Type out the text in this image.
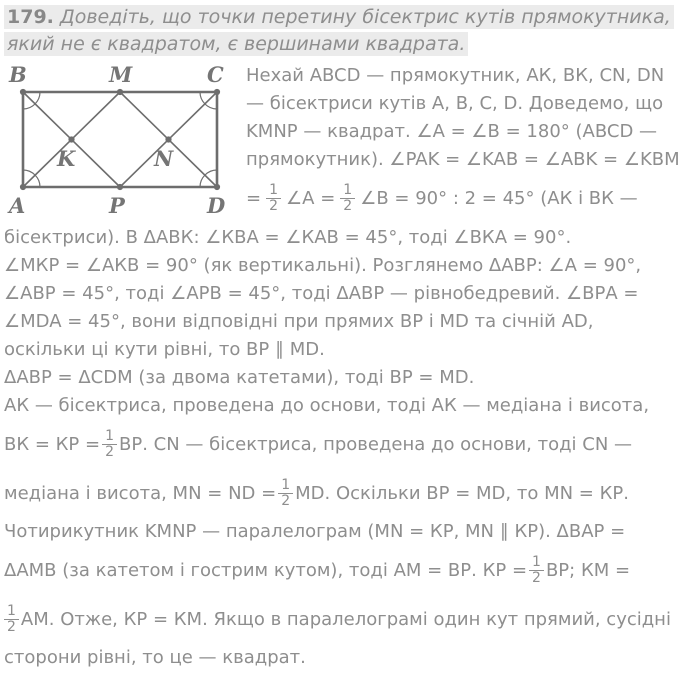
179. Доведіть, що точки перетину бісектрис кутів прямокутника,
який не є квадратом, є вершинами квадрата.
B	M	C
A	P	D
K	N
Нехай ABCD — прямокутник, АК, ВК, CN, DN
— бісектриси кутів А, В, С, D. Доведемо, що
KMNP — квадрат. ∠A = ∠B = 180° (ABCD —
прямокутник). ∠PAK = ∠KAB = ∠ABK = ∠KBM
= $\frac{1}{2}$ ∠A = $\frac{1}{2}$ ∠B = 90° : 2 = 45° (АК і ВК —
бісектриси). В ΔАВК: ∠КВА = ∠КАВ = 45°, тоді ∠ВКА = 90°.
∠МКР = ∠АКВ = 90° (як вертикальні). Розглянемо ΔАВР: ∠А = 90°,
∠АВР = 45°, тоді ∠АРВ = 45°, тоді ΔАВР — рівнобедревий. ∠ВРА =
∠MDA = 45°, вони відповідні при прямих ВР і MD та січній AD,
оскільки ці кути рівні, то ВР ∥ MD.
ΔАВР = ΔCDM (за двома катетами), тоді ВР = MD.
АК — бісектриса, проведена до основи, тоді АК — медіана і висота,
ВК = КР = $\frac{1}{2}$ ВР. CN — бісектриса, проведена до основи, тоді CN —
медіана і висота, MN = ND = $\frac{1}{2}$ MD. Оскільки ВР = MD, то MN = КР.
Чотирикутник KMNP — паралелограм (MN = КР, MN ∥ КР). ΔВАР =
ΔАМВ (за катетом і гострим кутом), тоді АМ = ВР. КР = $\frac{1}{2}$ ВР; КМ =
$\frac{1}{2}$ АМ. Отже, КР = КМ. Якщо в паралелограмі один кут прямий, сусідні
сторони рівні, то це — квадрат.
